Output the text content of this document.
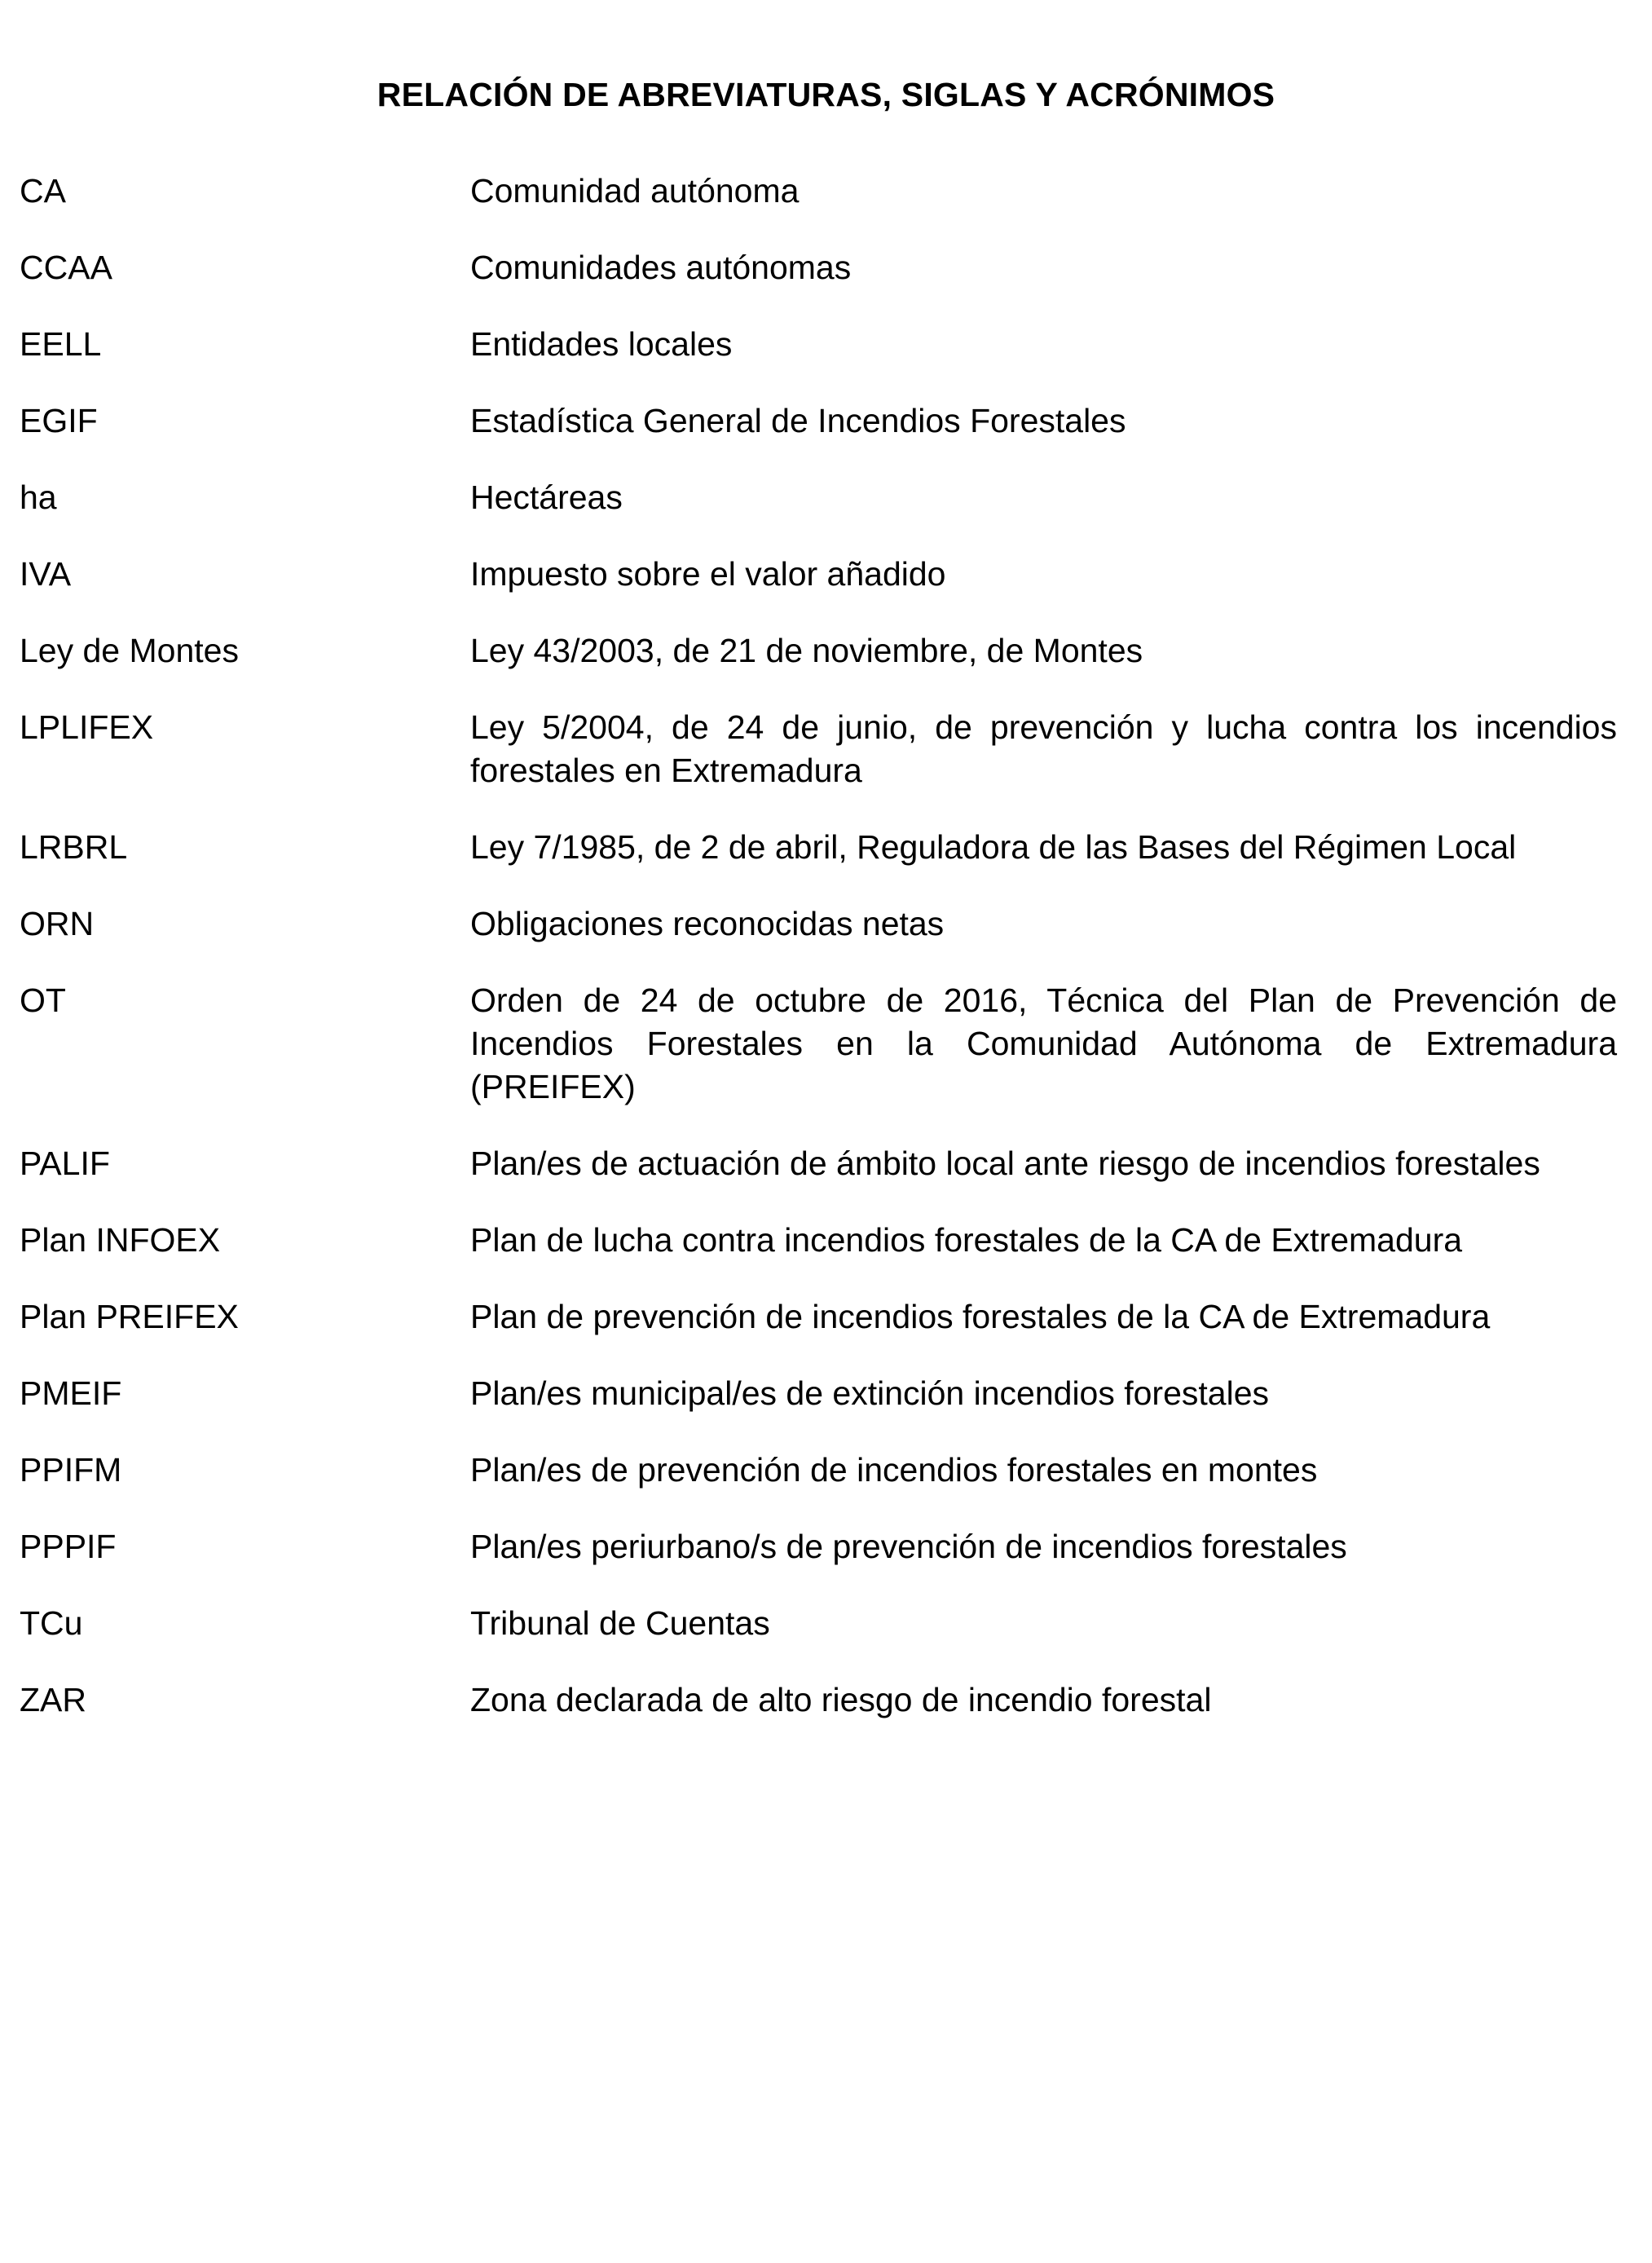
RELACIÓN DE ABREVIATURAS, SIGLAS Y ACRÓNIMOS
CA	Comunidad autónoma
CCAA	Comunidades autónomas
EELL	Entidades locales
EGIF	Estadística General de Incendios Forestales
ha	Hectáreas
IVA	Impuesto sobre el valor añadido
Ley de Montes	Ley 43/2003, de 21 de noviembre, de Montes
LPLIFEX	Ley 5/2004, de 24 de junio, de prevención y lucha contra los incendios forestales en Extremadura
LRBRL	Ley 7/1985, de 2 de abril, Reguladora de las Bases del Régimen Local
ORN	Obligaciones reconocidas netas
OT	Orden de 24 de octubre de 2016, Técnica del Plan de Prevención de Incendios Forestales en la Comunidad Autónoma de Extremadura (PREIFEX)
PALIF	Plan/es de actuación de ámbito local ante riesgo de incendios forestales
Plan INFOEX	Plan de lucha contra incendios forestales de la CA de Extremadura
Plan PREIFEX	Plan de prevención de incendios forestales de la CA de Extremadura
PMEIF	Plan/es municipal/es de extinción incendios forestales
PPIFM	Plan/es de prevención de incendios forestales en montes
PPPIF	Plan/es periurbano/s de prevención de incendios forestales
TCu	Tribunal de Cuentas
ZAR	Zona declarada de alto riesgo de incendio forestal
